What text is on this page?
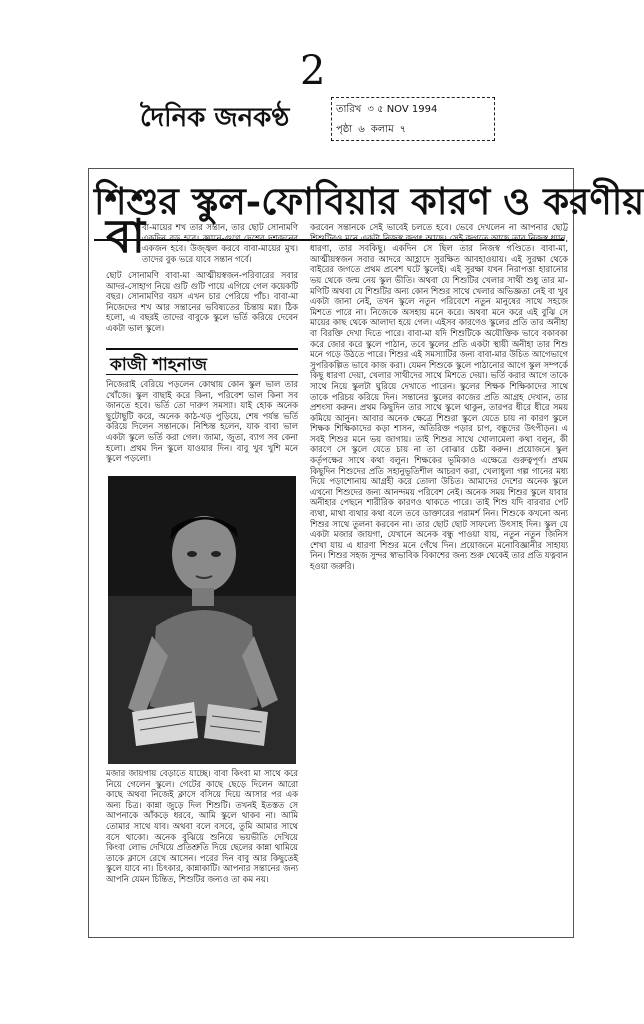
2
দৈনিক জনকণ্ঠ	তারিখ ৩ ৫ NOV 1994
পৃষ্ঠা ৬ কলাম ৭
শিশুর স্কুল-ফোবিয়ার কারণ ও করণীয়
বা
বা-মায়ের শখ তার সন্তান, তার ছোট সোনামণি একদিন বড় হবে। জ্ঞানে-গুণে দেশের দশজনের একজন হবে। উজ্জ্বল করবে বাবা-মায়ের মুখ। তাদের বুক ভরে যাবে সন্তান গর্বে।
ছোট সোনামণি বাবা-মা আত্মীয়স্বজন-পরিবারের সবার আদর-সোহাগ নিয়ে গুটি গুটি পায়ে এগিয়ে গেল কয়েকটি বছর। সোনামণির বয়স এখন চার পেরিয়ে পাঁচ। বাবা-মা নিজেদের শখ আর সন্তানের ভবিষ্যতের চিন্তায় মগ্ন। ঠিক হলো, এ বছরই তাদের বাবুকে স্কুলে ভর্তি করিয়ে দেবেন একটা ভাল স্কুলে।
কাজী শাহনাজ
নিজেরাই বেরিয়ে পড়লেন কোথায় কোন স্কুল ভাল তার খোঁজে। স্কুল বাছাই করে কিনা, পরিবেশ ভাল কিনা সব জানতে হবে। ভর্তি তো দারুণ সমস্যা। যাই হোক অনেক ছুটোছুটি করে, অনেক কাঠ-খড় পুড়িয়ে, শেষ পর্যন্ত ভর্তি করিয়ে দিলেন সন্তানকে। নিশ্চিন্ত হলেন, যাক বাবা ভাল একটা স্কুলে ভর্তি করা গেল। জামা, জুতা, ব্যাগ সব কেনা হলো। প্রথম দিন স্কুলে যাওয়ার দিন। বাবু খুব খুশি মনে স্কুলে পড়লো।
মজার জায়গায় বেড়াতে যাচ্ছে। বাবা কিংবা মা সাথে করে নিয়ে গেলেন স্কুলে। গেটের কাছে ছেড়ে দিলেন আরো কাছে অথবা নিজেই ক্লাসে বসিয়ে দিয়ে আসার পর এক অন্য চিত্র। কান্না জুড়ে দিল শিশুটি। তখনই ইতস্তত সে আপনাকে আঁকড়ে ধরবে, আমি স্কুলে থাকব না। আমি তোমার সাথে যাব। অথবা বলে বসবে, তুমি আমার সাথে বসে থাকো। অনেক বুঝিয়ে শুনিয়ে ভয়ভীতি দেখিয়ে কিংবা লোভ দেখিয়ে প্রতিশ্রুতি দিয়ে ছেলের কান্না থামিয়ে তাকে ক্লাসে রেখে আসেন। পরের দিন বাবু আর কিছুতেই স্কুলে যাবে না। চিৎকার, কান্নাকাটি। আপনার সন্তানের জন্য আপনি যেমন চিন্তিত, শিশুটির জন্যও তা কম নয়।
করবেন সন্তানকে সেই ভাবেই চলতে হবে। ভেবে দেখলেন না আপনার ছোট্ট শিশুটিরও মনে একটা নিজস্ব জগৎ আছে। সেই জগতে আছে তার নিজস্ব ধ্যান, ধারণা, তার সবকিছু। একদিন সে ছিল তার নিজস্ব গণ্ডিতে। বাবা-মা, আত্মীয়স্বজন সবার আদরে আহ্লাদে সুরক্ষিত আবহাওয়ায়। এই সুরক্ষা থেকে বাইরের জগতে প্রথম প্রবেশ ঘটে স্কুলেই। এই সুরক্ষা যখন নিরাপত্তা হারানোর ভয় থেকে জন্ম নেয় স্কুল ভীতি। অথবা যে শিশুটির খেলার সাথী শুধু তার মা-মণিটি অথবা যে শিশুটির অন্য কোন শিশুর সাথে খেলার অভিজ্ঞতা নেই বা খুব একটা জানা নেই, তখন স্কুলে নতুন পরিবেশে নতুন মানুষের সাথে সহজে মিশতে পারে না। নিজেকে অসহায় মনে করে। অথবা মনে করে এই বুঝি সে মায়ের কাছ থেকে আলাদা হয়ে গেল। এইসব কারণেও স্কুলের প্রতি তার অনীহা বা বিরক্তি দেখা দিতে পারে। বাবা-মা যদি শিশুটিকে অযৌক্তিক ভাবে বকাবকা করে জোর করে স্কুলে পাঠান, তবে স্কুলের প্রতি একটা স্থায়ী অনীহা তার শিশু মনে গড়ে উঠতে পারে। শিশুর এই সমস্যাটির জন্য বাবা-মার উচিত আগেভাগে সুপরিকল্পিত ভাবে কাজ করা। যেমন শিশুকে স্কুলে পাঠানোর আগে স্কুল সম্পর্কে কিছু ধারণা দেয়া, খেলার সাথীদের সাথে মিশতে দেয়া। ভর্তি করার আগে তাকে সাথে নিয়ে স্কুলটা ঘুরিয়ে দেখাতে পারেন। স্কুলের শিক্ষক শিক্ষিকাদের সাথে তাকে পরিচয় করিয়ে দিন। সন্তানের স্কুলের কাজের প্রতি আগ্রহ দেখান, তার প্রশংসা করুন। প্রথম কিছুদিন তার সাথে স্কুলে থাকুন, তারপর ধীরে ধীরে সময় কমিয়ে আনুন। আবার অনেক ক্ষেত্রে শিশুরা স্কুলে যেতে চায় না কারণ স্কুলে শিক্ষক শিক্ষিকাদের কড়া শাসন, অতিরিক্ত পড়ার চাপ, বন্ধুদের উৎপীড়ন। এ সবই শিশুর মনে ভয় জাগায়। তাই শিশুর সাথে খোলামেলা কথা বলুন, কী কারণে সে স্কুলে যেতে চায় না তা বোঝার চেষ্টা করুন। প্রয়োজনে স্কুল কর্তৃপক্ষের সাথে কথা বলুন। শিক্ষকের ভূমিকাও এক্ষেত্রে গুরুত্বপূর্ণ। প্রথম কিছুদিন শিশুদের প্রতি সহানুভূতিশীল আচরণ করা, খেলাধুলা গল্প গানের মধ্য দিয়ে পড়াশোনায় আগ্রহী করে তোলা উচিত। আমাদের দেশের অনেক স্কুলে এখনো শিশুদের জন্য আনন্দময় পরিবেশ নেই। অনেক সময় শিশুর স্কুলে যাবার অনীহার পেছনে শারীরিক কারণও থাকতে পারে। তাই শিশু যদি বারবার পেট ব্যথা, মাথা ব্যথার কথা বলে তবে ডাক্তারের পরামর্শ নিন। শিশুকে কখনো অন্য শিশুর সাথে তুলনা করবেন না। তার ছোট ছোট সাফল্যে উৎসাহ দিন। স্কুল যে একটা মজার জায়গা, যেখানে অনেক বন্ধু পাওয়া যায়, নতুন নতুন জিনিস শেখা যায় এ ধারণা শিশুর মনে গেঁথে দিন। প্রয়োজনে মনোবিজ্ঞানীর সাহায্য নিন। শিশুর সহজ সুন্দর স্বাভাবিক বিকাশের জন্য শুরু থেকেই তার প্রতি যত্নবান হওয়া জরুরি।
